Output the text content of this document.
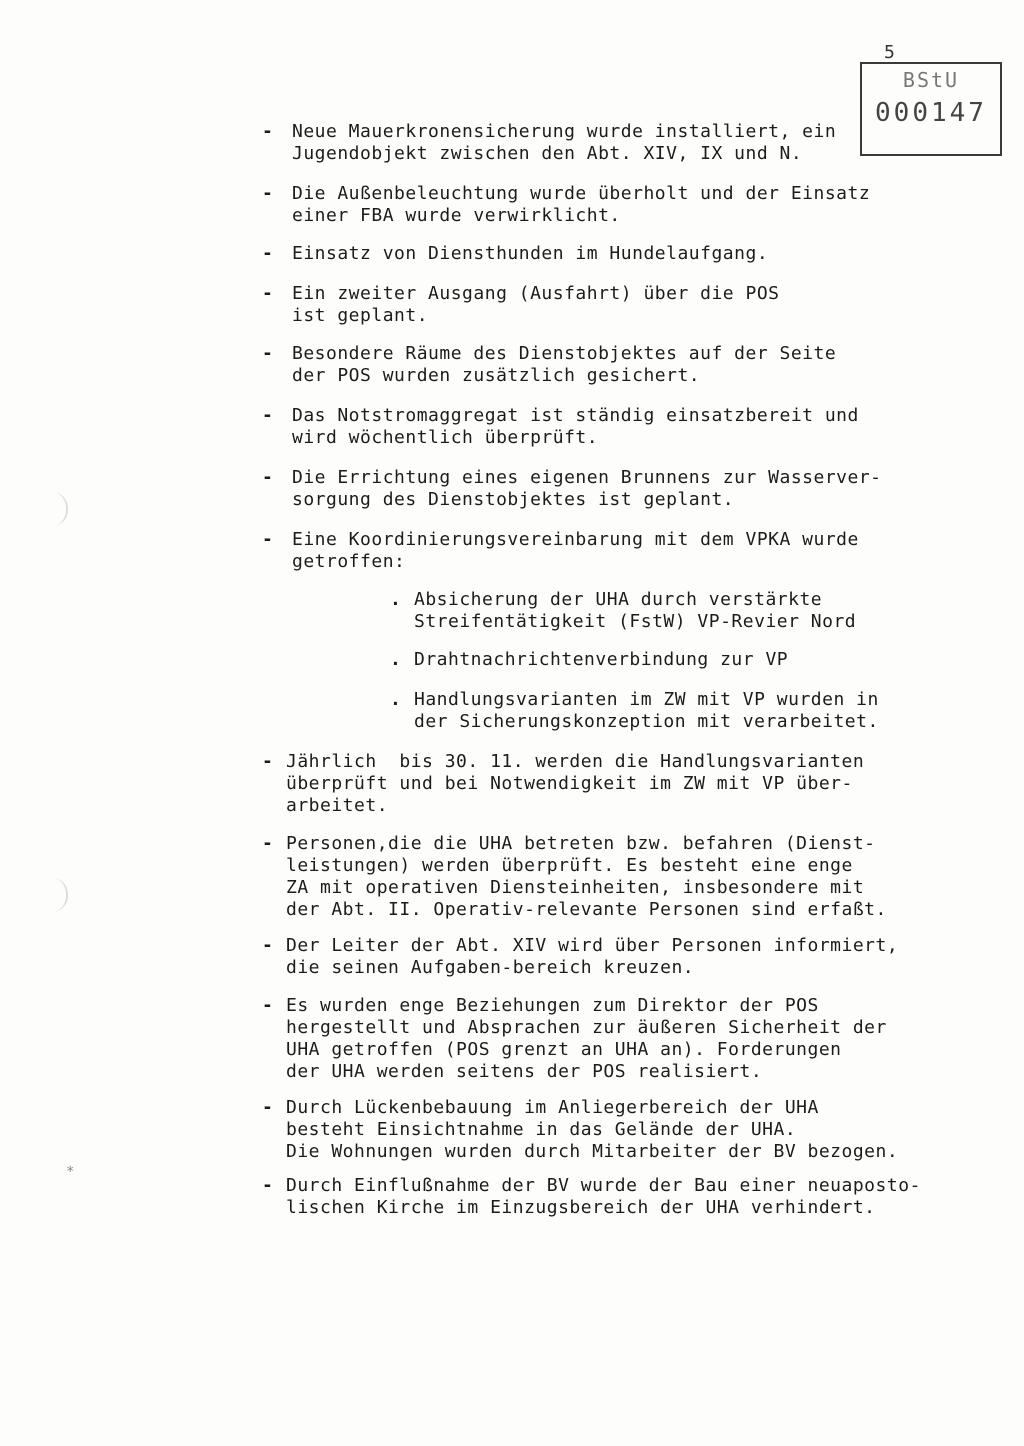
5
BStU
000147
*
- Neue Mauerkronensicherung wurde installiert, ein
Jugendobjekt zwischen den Abt. XIV, IX und N.
- Die Außenbeleuchtung wurde überholt und der Einsatz
einer FBA wurde verwirklicht.
- Einsatz von Diensthunden im Hundelaufgang.
- Ein zweiter Ausgang (Ausfahrt) über die POS
ist geplant.
- Besondere Räume des Dienstobjektes auf der Seite
der POS wurden zusätzlich gesichert.
- Das Notstromaggregat ist ständig einsatzbereit und
wird wöchentlich überprüft.
- Die Errichtung eines eigenen Brunnens zur Wasserver-
sorgung des Dienstobjektes ist geplant.
- Eine Koordinierungsvereinbarung mit dem VPKA wurde
getroffen:
. Absicherung der UHA durch verstärkte
Streifentätigkeit (FstW) VP-Revier Nord
. Drahtnachrichtenverbindung zur VP
. Handlungsvarianten im ZW mit VP wurden in
der Sicherungskonzeption mit verarbeitet.
- Jährlich  bis 30. 11. werden die Handlungsvarianten
überprüft und bei Notwendigkeit im ZW mit VP über-
arbeitet.
- Personen,die die UHA betreten bzw. befahren (Dienst-
leistungen) werden überprüft. Es besteht eine enge
ZA mit operativen Diensteinheiten, insbesondere mit
der Abt. II. Operativ-relevante Personen sind erfaßt.
- Der Leiter der Abt. XIV wird über Personen informiert,
die seinen Aufgaben-bereich kreuzen.
- Es wurden enge Beziehungen zum Direktor der POS
hergestellt und Absprachen zur äußeren Sicherheit der
UHA getroffen (POS grenzt an UHA an). Forderungen
der UHA werden seitens der POS realisiert.
- Durch Lückenbebauung im Anliegerbereich der UHA
besteht Einsichtnahme in das Gelände der UHA.
Die Wohnungen wurden durch Mitarbeiter der BV bezogen.
- Durch Einflußnahme der BV wurde der Bau einer neuaposto-
lischen Kirche im Einzugsbereich der UHA verhindert.
